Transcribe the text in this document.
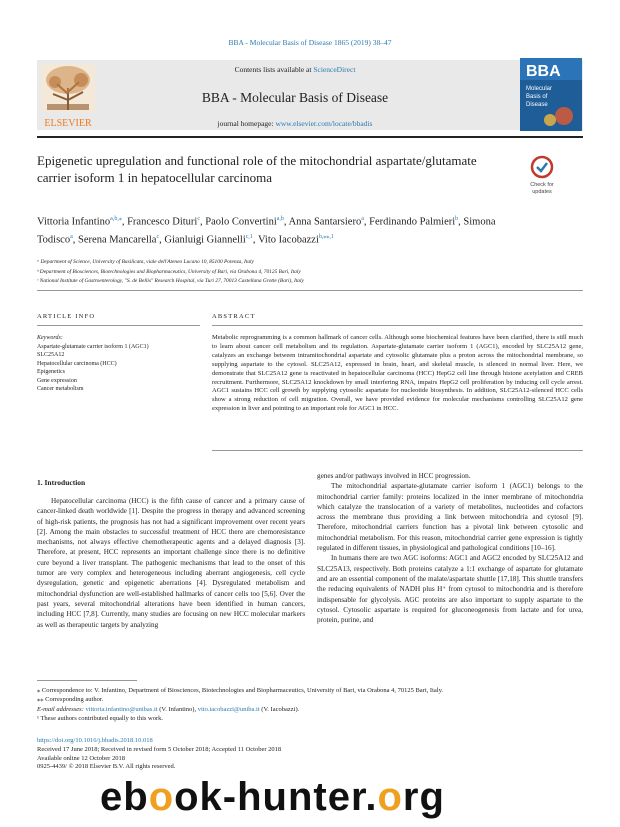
BBA - Molecular Basis of Disease 1865 (2019) 38–47
ELSEVIER
Contents lists available at ScienceDirect
BBA - Molecular Basis of Disease
journal homepage: www.elsevier.com/locate/bbadis
BBA
Molecular
Basis of
Disease
Epigenetic upregulation and functional role of the mitochondrial aspartate/glutamate carrier isoform 1 in hepatocellular carcinoma	Check for
updates
Vittoria Infantino$^{a,b,⁎}$, Francesco Dituri$^c$, Paolo Convertini$^{a,b}$, Anna Santarsiero$^a$, Ferdinando Palmieri$^b$, Simona Todisco$^a$, Serena Mancarella$^c$, Gianluigi Giannelli$^{c,1}$, Vito Iacobazzi$^{b,⁎⁎,1}$
ᵃ Department of Science, University of Basilicata, viale dell'Ateneo Lucano 10, 85100 Potenza, Italy
ᵇ Department of Biosciences, Biotechnologies and Biopharmaceutics, University of Bari, via Orabona 4, 70125 Bari, Italy
ᶜ National Institute of Gastroenterology, "S. de Bellis" Research Hospital, via Turi 27, 70013 Castellana Grotte (Bari), Italy
ARTICLE INFO	ABSTRACT
Keywords:
Aspartate-glutamate carrier isoform 1 (AGC1)
SLC25A12
Hepatocellular carcinoma (HCC)
Epigenetics
Gene expression
Cancer metabolism
Metabolic reprogramming is a common hallmark of cancer cells. Although some biochemical features have been clarified, there is still much to learn about cancer cell metabolism and its regulation. Aspartate-glutamate carrier isoform 1 (AGC1), encoded by SLC25A12 gene, catalyzes an exchange between intramitochondrial aspartate and cytosolic glutamate plus a proton across the mitochondrial membrane, so supplying aspartate to the cytosol. SLC25A12, expressed in brain, heart, and skeletal muscle, is silenced in normal liver. Here, we demonstrate that SLC25A12 gene is reactivated in hepatocellular carcinoma (HCC) HepG2 cell line through histone acetylation and CREB recruitment. Furthermore, SLC25A12 knockdown by small interfering RNA, impairs HepG2 cell proliferation by inducing cell cycle arrest. AGC1 sustains HCC cell growth by supplying cytosolic aspartate for nucleotide biosynthesis. In addition, SLC25A12-silenced HCC cells show a strong reduction of cell migration. Overall, we have provided evidence for molecular mechanisms controlling SLC25A12 gene expression in liver and pointing to an important role for AGC1 in HCC.
1. Introduction

Hepatocellular carcinoma (HCC) is the fifth cause of cancer and a primary cause of cancer-linked death worldwide [1]. Despite the progress in therapy and advanced screening of high-risk patients, the prognosis has not had a significant improvement over recent years [2]. Among the main obstacles to successful treatment of HCC there are chemoresistance mechanisms, not always effective chemotherapeutic agents and a delayed diagnosis [3]. Therefore, at present, HCC represents an important challenge since there is no definitive cure beyond a liver transplant. The pathogenic mechanisms that lead to the onset of this tumor are very complex and heterogeneous including aberrant angiogenesis, cell cycle dysregulation, genetic and epigenetic aberrations [4]. Dysregulated metabolism and mitochondrial dysfunction are well-established hallmarks of cancer cells too [5,6]. Over the past years, several mitochondrial alterations have been identified in human cancers, including HCC [7,8]. Currently, many studies are focusing on new HCC molecular markers as well as therapeutic targets by analyzing

genes and/or pathways involved in HCC progression.

The mitochondrial aspartate-glutamate carrier isoform 1 (AGC1) belongs to the mitochondrial carrier family: proteins localized in the inner membrane of mitochondria which catalyze the translocation of a variety of metabolites, nucleotides and cofactors across the membrane thus providing a link between mitochondria and cytosol [9]. Therefore, mitochondrial carriers function has a pivotal link between cytosolic and mitochondrial metabolism. For this reason, mitochondrial carrier gene expression is tightly regulated in different tissues, in physiological and pathological conditions [10–16].

In humans there are two AGC isoforms: AGC1 and AGC2 encoded by SLC25A12 and SLC25A13, respectively. Both proteins catalyze a 1:1 exchange of aspartate for glutamate and are an essential component of the malate/aspartate shuttle [17,18]. This shuttle transfers the reducing equivalents of NADH plus H⁺ from cytosol to mitochondria and is therefore indispensable for glycolysis. AGC proteins are also important to supply aspartate to the cytosol. Cytosolic aspartate is required for gluconeogenesis from lactate and for urea, protein, purine, and

⁎ Correspondence to: V. Infantino, Department of Biosciences, Biotechnologies and Biopharmaceutics, University of Bari, via Orabona 4, 70125 Bari, Italy.
⁎⁎ Corresponding author.
E-mail addresses: vittoria.infantino@unibas.it (V. Infantino), vito.iacobazzi@uniba.it (V. Iacobazzi).
¹ These authors contributed equally to this work.
https://doi.org/10.1016/j.bbadis.2018.10.018
Received 17 June 2018; Received in revised form 5 October 2018; Accepted 11 October 2018
Available online 12 October 2018
0925-4439/ © 2018 Elsevier B.V. All rights reserved.
ebook-hunter.org
